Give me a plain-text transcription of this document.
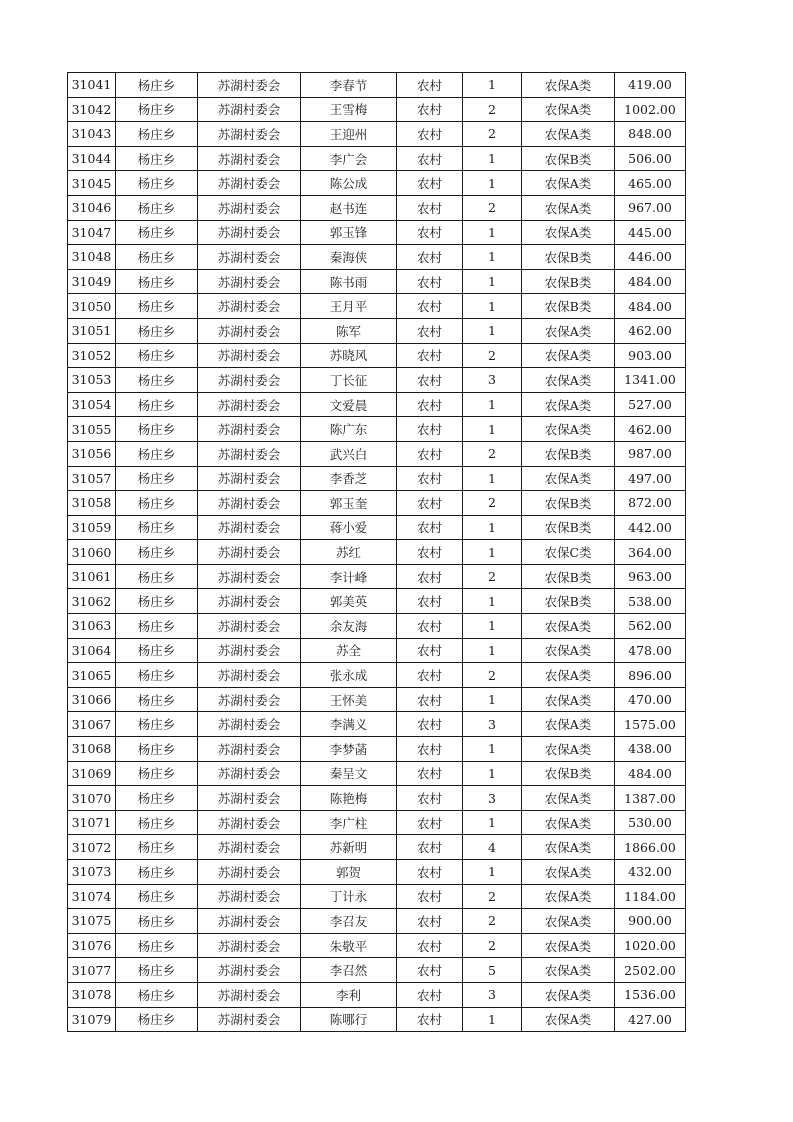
31041	杨庄乡	苏湖村委会	李春节	农村	1	农保A类	419.00
31042	杨庄乡	苏湖村委会	王雪梅	农村	2	农保A类	1002.00
31043	杨庄乡	苏湖村委会	王迎州	农村	2	农保A类	848.00
31044	杨庄乡	苏湖村委会	李广会	农村	1	农保B类	506.00
31045	杨庄乡	苏湖村委会	陈公成	农村	1	农保A类	465.00
31046	杨庄乡	苏湖村委会	赵书连	农村	2	农保A类	967.00
31047	杨庄乡	苏湖村委会	郭玉锋	农村	1	农保A类	445.00
31048	杨庄乡	苏湖村委会	秦海侠	农村	1	农保B类	446.00
31049	杨庄乡	苏湖村委会	陈书雨	农村	1	农保B类	484.00
31050	杨庄乡	苏湖村委会	王月平	农村	1	农保B类	484.00
31051	杨庄乡	苏湖村委会	陈军	农村	1	农保A类	462.00
31052	杨庄乡	苏湖村委会	苏晓风	农村	2	农保A类	903.00
31053	杨庄乡	苏湖村委会	丁长征	农村	3	农保A类	1341.00
31054	杨庄乡	苏湖村委会	文爱晨	农村	1	农保A类	527.00
31055	杨庄乡	苏湖村委会	陈广东	农村	1	农保A类	462.00
31056	杨庄乡	苏湖村委会	武兴白	农村	2	农保B类	987.00
31057	杨庄乡	苏湖村委会	李香芝	农村	1	农保A类	497.00
31058	杨庄乡	苏湖村委会	郭玉奎	农村	2	农保B类	872.00
31059	杨庄乡	苏湖村委会	蒋小爱	农村	1	农保B类	442.00
31060	杨庄乡	苏湖村委会	苏红	农村	1	农保C类	364.00
31061	杨庄乡	苏湖村委会	李计峰	农村	2	农保B类	963.00
31062	杨庄乡	苏湖村委会	郭美英	农村	1	农保B类	538.00
31063	杨庄乡	苏湖村委会	余友海	农村	1	农保A类	562.00
31064	杨庄乡	苏湖村委会	苏全	农村	1	农保A类	478.00
31065	杨庄乡	苏湖村委会	张永成	农村	2	农保A类	896.00
31066	杨庄乡	苏湖村委会	王怀美	农村	1	农保A类	470.00
31067	杨庄乡	苏湖村委会	李满义	农村	3	农保A类	1575.00
31068	杨庄乡	苏湖村委会	李梦菡	农村	1	农保A类	438.00
31069	杨庄乡	苏湖村委会	秦呈文	农村	1	农保B类	484.00
31070	杨庄乡	苏湖村委会	陈艳梅	农村	3	农保A类	1387.00
31071	杨庄乡	苏湖村委会	李广柱	农村	1	农保A类	530.00
31072	杨庄乡	苏湖村委会	苏新明	农村	4	农保A类	1866.00
31073	杨庄乡	苏湖村委会	郭贺	农村	1	农保A类	432.00
31074	杨庄乡	苏湖村委会	丁计永	农村	2	农保A类	1184.00
31075	杨庄乡	苏湖村委会	李召友	农村	2	农保A类	900.00
31076	杨庄乡	苏湖村委会	朱敬平	农村	2	农保A类	1020.00
31077	杨庄乡	苏湖村委会	李召然	农村	5	农保A类	2502.00
31078	杨庄乡	苏湖村委会	李利	农村	3	农保A类	1536.00
31079	杨庄乡	苏湖村委会	陈哪行	农村	1	农保A类	427.00
